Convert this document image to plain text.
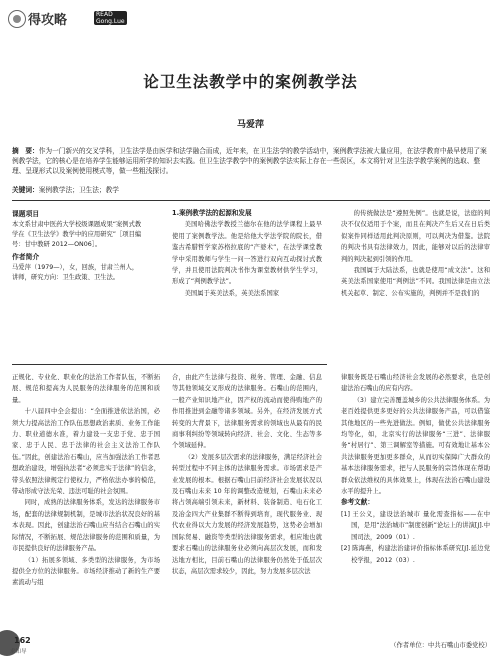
得攻略	READ
Gong.Lue
论卫生法教学中的案例教学法
马爱萍
摘　要：作为一门新兴的交叉学科，卫生法学是由医学和法学融合而成，近年来，在卫生法学的教学活动中，案例教学法被大量应用，在法学教育中最早使用了案例教学法，它的核心是在培养学生能够运用所学的知识去实践。但卫生法学教学中的案例教学法实际上存在一些误区，本文将针对卫生法学教学案例的选取、整理、呈现形式以及案例使用模式等，做一些粗浅探讨。
关键词：案例教学法；卫生法；教学
课题项目
本文系甘肃中医药大学校级课题成果“案例式教学在《卫生法学》教学中的应用研究”［项目编号：甘中教研 2012—ON06］。
作者简介
马爱萍（1979—），女，回族，甘肃兰州人，讲师，研究方向：卫生政策、卫生法。
1.案例教学法的起源和发展

美国哈佛法学教授兰德尔在他的法学课程上最早使用了案例教学法。他是给他大学法学院的院长，借鉴古希腊哲学家苏格拉底的“产婆术”，在法学课堂教学中采用教师与学生一问一答进行双向互动探讨式教学，并且使用法院判决书作为课堂教材供学生学习，形成了“判例教学法”。

美国属于英美法系，英美法系国家

的传统做法是“遵照先例”。也就是说，法庭的判决不仅仅适用于个案，而且在判决产生后又在日后类似案件同样适用此判决原则，可以判决为借鉴。法院的判决书具有法律效力，因此，能够对以后的法律审判的判决起到引领的作用。

我国属于大陆法系，也就是使用“成文法”。这和英美法系国家使用“判例法”不同。我国法律是由立法机关起草、制定、公布实施的，判例并不是我们的

正规化、专业化、职业化的法治工作者队伍，不断拓展、规范和提高为人民服务的法律服务的范围和质量。

十八届四中全会提出：“全面推进依法治国，必须大力提高法治工作队伍思想政治素质、业务工作能力、职业道德水准，着力建设一支忠于党、忠于国家、忠于人民、忠于法律的社会主义法治工作队伍。”因此，创建法治石嘴山，应当加强法治工作者思想政治建设，增强执法者“必须忠实于法律”的信念，带头依照法律规定行使权力，严格依法办事的模范，带动形成守法光荣、违法可耻的社会氛围。

同时，成熟的法律服务体系，发达的法律服务市场，配套的法律规制机制，是城市法治状况良好的基本表现。因此，创建法治石嘴山应当结合石嘴山的实际情况，不断拓展、规范法律服务的范围和质量，为市民提供良好的法律服务产品。

（1）拓展多领域、多类型的法律服务，为市场提供全方位的法律服务。市场经济推动了新的生产要素流动与组

合，由此产生法律与投资、税务、管理、金融、信息等其他领域交叉形成的法律服务。石嘴山的范围内，一般产业知识地产业，因产权的流动而使得购地产的作用推进到金融等诸多领域。另外，在经济发展方式转变的大背景下，法律服务需求的领域也从最有的民商事利纠纷等领域转向经济、社会、文化、生态等多个领域延伸。

（2）发展多层次需求的法律服务，满足经济社会转型过程中不同主体的法律服务需求。市场需求是产业发展的根本。根据石嘴山目前经济社会发展状况以及石嘴山未来 10 年的调整改造规划，石嘴山未来必将占领高端引领未来，新材料、装备制造、电石化工及冶金四大产业集群不断得到培育，现代服务业、现代农业得以大力发展的经济发展趋势，这势必会增加国际贸易、融资等类型的法律服务需求，相应地也就要求石嘴山的法律服务业必须向高层次发展，而和发达地方相比，目前石嘴山的法律服务仍然处于低层次状态，高层次需求较少，因此，努力发展多层次法

律服务既是石嘴山经济社会发展的必然要求，也是创建法治石嘴山的应有内容。

（3）建立完善覆盖城乡的公共法律服务体系。为老百姓提供更多更好的公共法律服务产品，可以借鉴其他地区的一些先进做法。例如，做优公共法律服务均等化，如，北京实行的法律服务“三进”、法律服务“村居行”、第三调解室等措施。可有效地让基本公共法律服务更加更多群众，从而切实保障广大群众的基本法律服务需求，把与人民服务的宗旨体现在帮助群众依法维权的具体效果上，体现在法治石嘴山建设水平的提升上。

参考文献：

[1] 王公义，建设法治城市 量化需查指标——在中国，是用“法治城市”制度创新”论坛上的讲演[J].中国司法，2009（01）.

[2] 陈海燕，构建法治建评价指标体系研究[J].延边党校学报，2012（03）.

（作者单位：中共石嘴山市委党校）
162
求知导
